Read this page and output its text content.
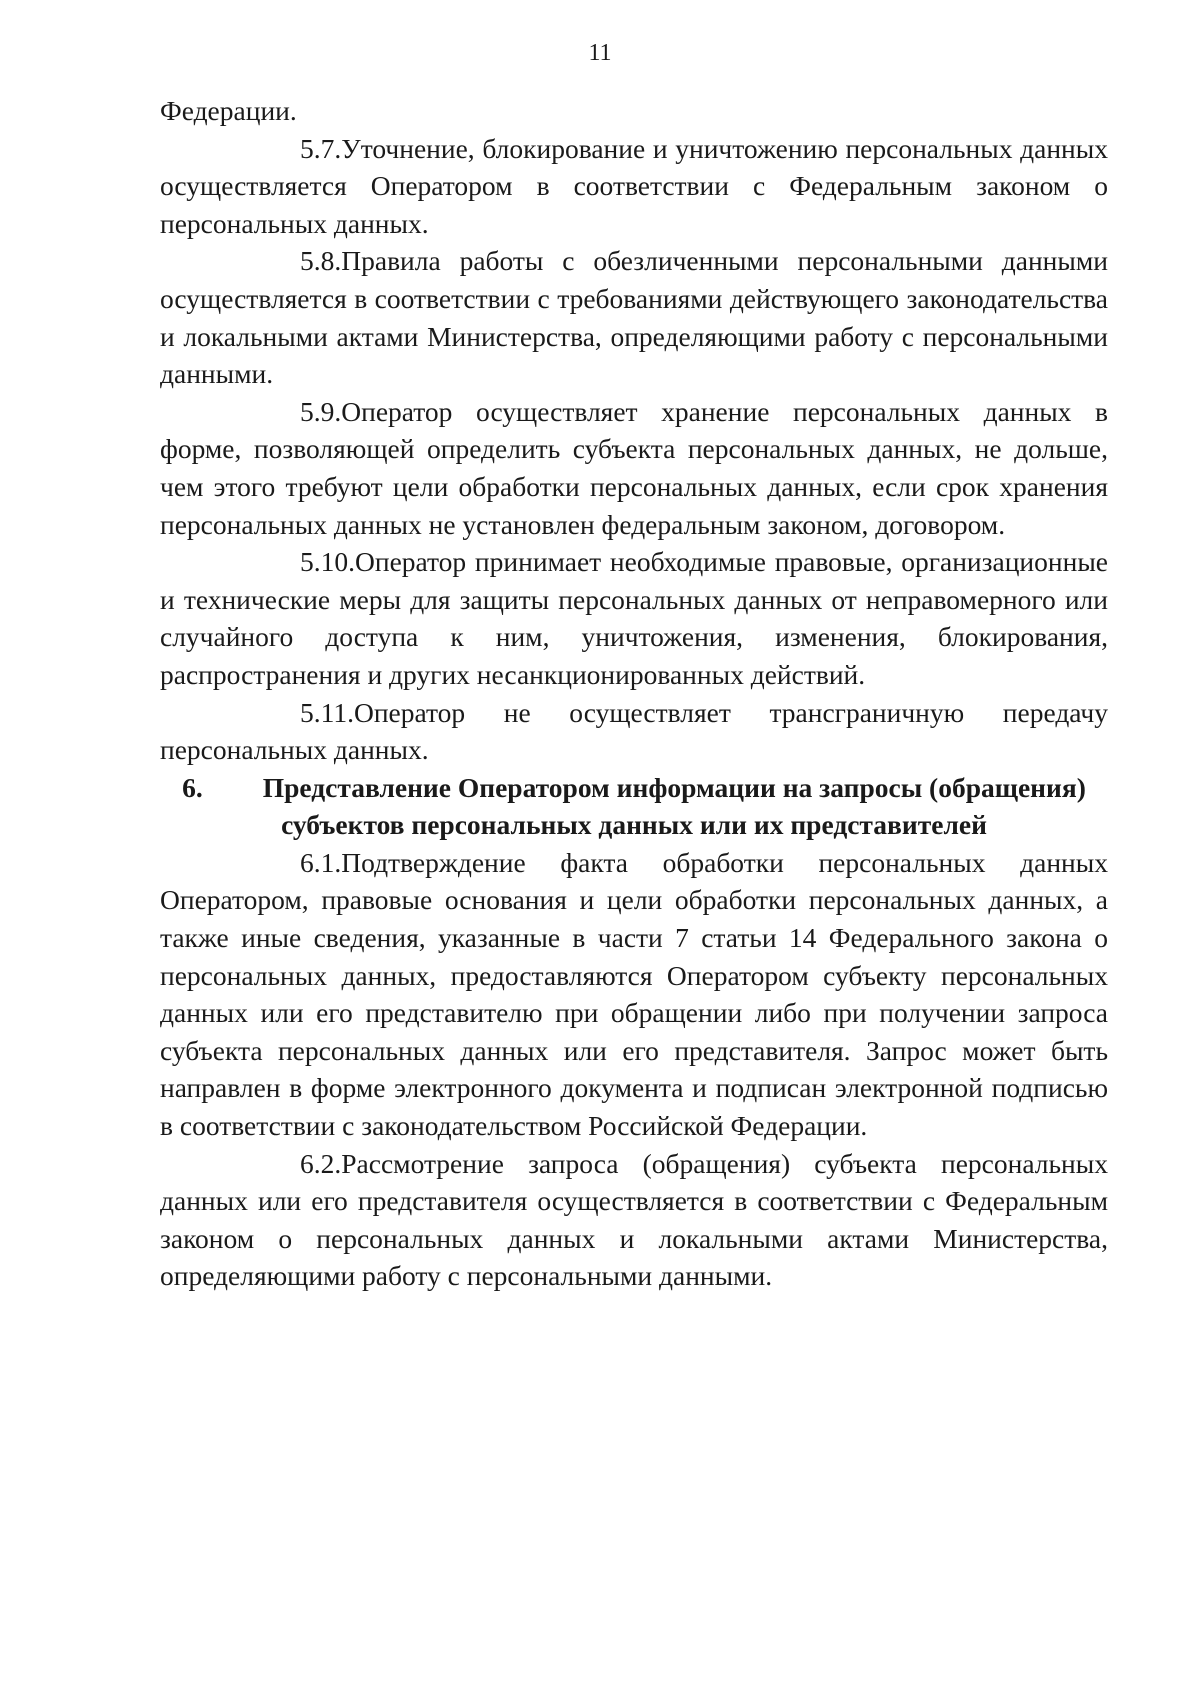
11

Федерации.

5.7.Уточнение, блокирование и уничтожению персональных данных осуществляется Оператором в соответствии с Федеральным законом о персональных данных.

5.8.Правила работы с обезличенными персональными данными осуществляется в соответствии с требованиями действующего законодательства и локальными актами Министерства, определяющими работу с персональными данными.

5.9.Оператор осуществляет хранение персональных данных в форме, позволяющей определить субъекта персональных данных, не дольше, чем этого требуют цели обработки персональных данных, если срок хранения персональных данных не установлен федеральным законом, договором.

5.10.Оператор принимает необходимые правовые, организационные и технические меры для защиты персональных данных от неправомерного или случайного доступа к ним, уничтожения, изменения, блокирования, распространения и других несанкционированных действий.

5.11.Оператор не осуществляет трансграничную передачу персональных данных.

6. Представление Оператором информации на запросы (обращения) субъектов персональных данных или их представителей

6.1.Подтверждение факта обработки персональных данных Оператором, правовые основания и цели обработки персональных данных, а также иные сведения, указанные в части 7 статьи 14 Федерального закона о персональных данных, предоставляются Оператором субъекту персональных данных или его представителю при обращении либо при получении запроса субъекта персональных данных или его представителя. Запрос может быть направлен в форме электронного документа и подписан электронной подписью в соответствии с законодательством Российской Федерации.

6.2.Рассмотрение запроса (обращения) субъекта персональных данных или его представителя осуществляется в соответствии с Федеральным законом о персональных данных и локальными актами Министерства, определяющими работу с персональными данными.
